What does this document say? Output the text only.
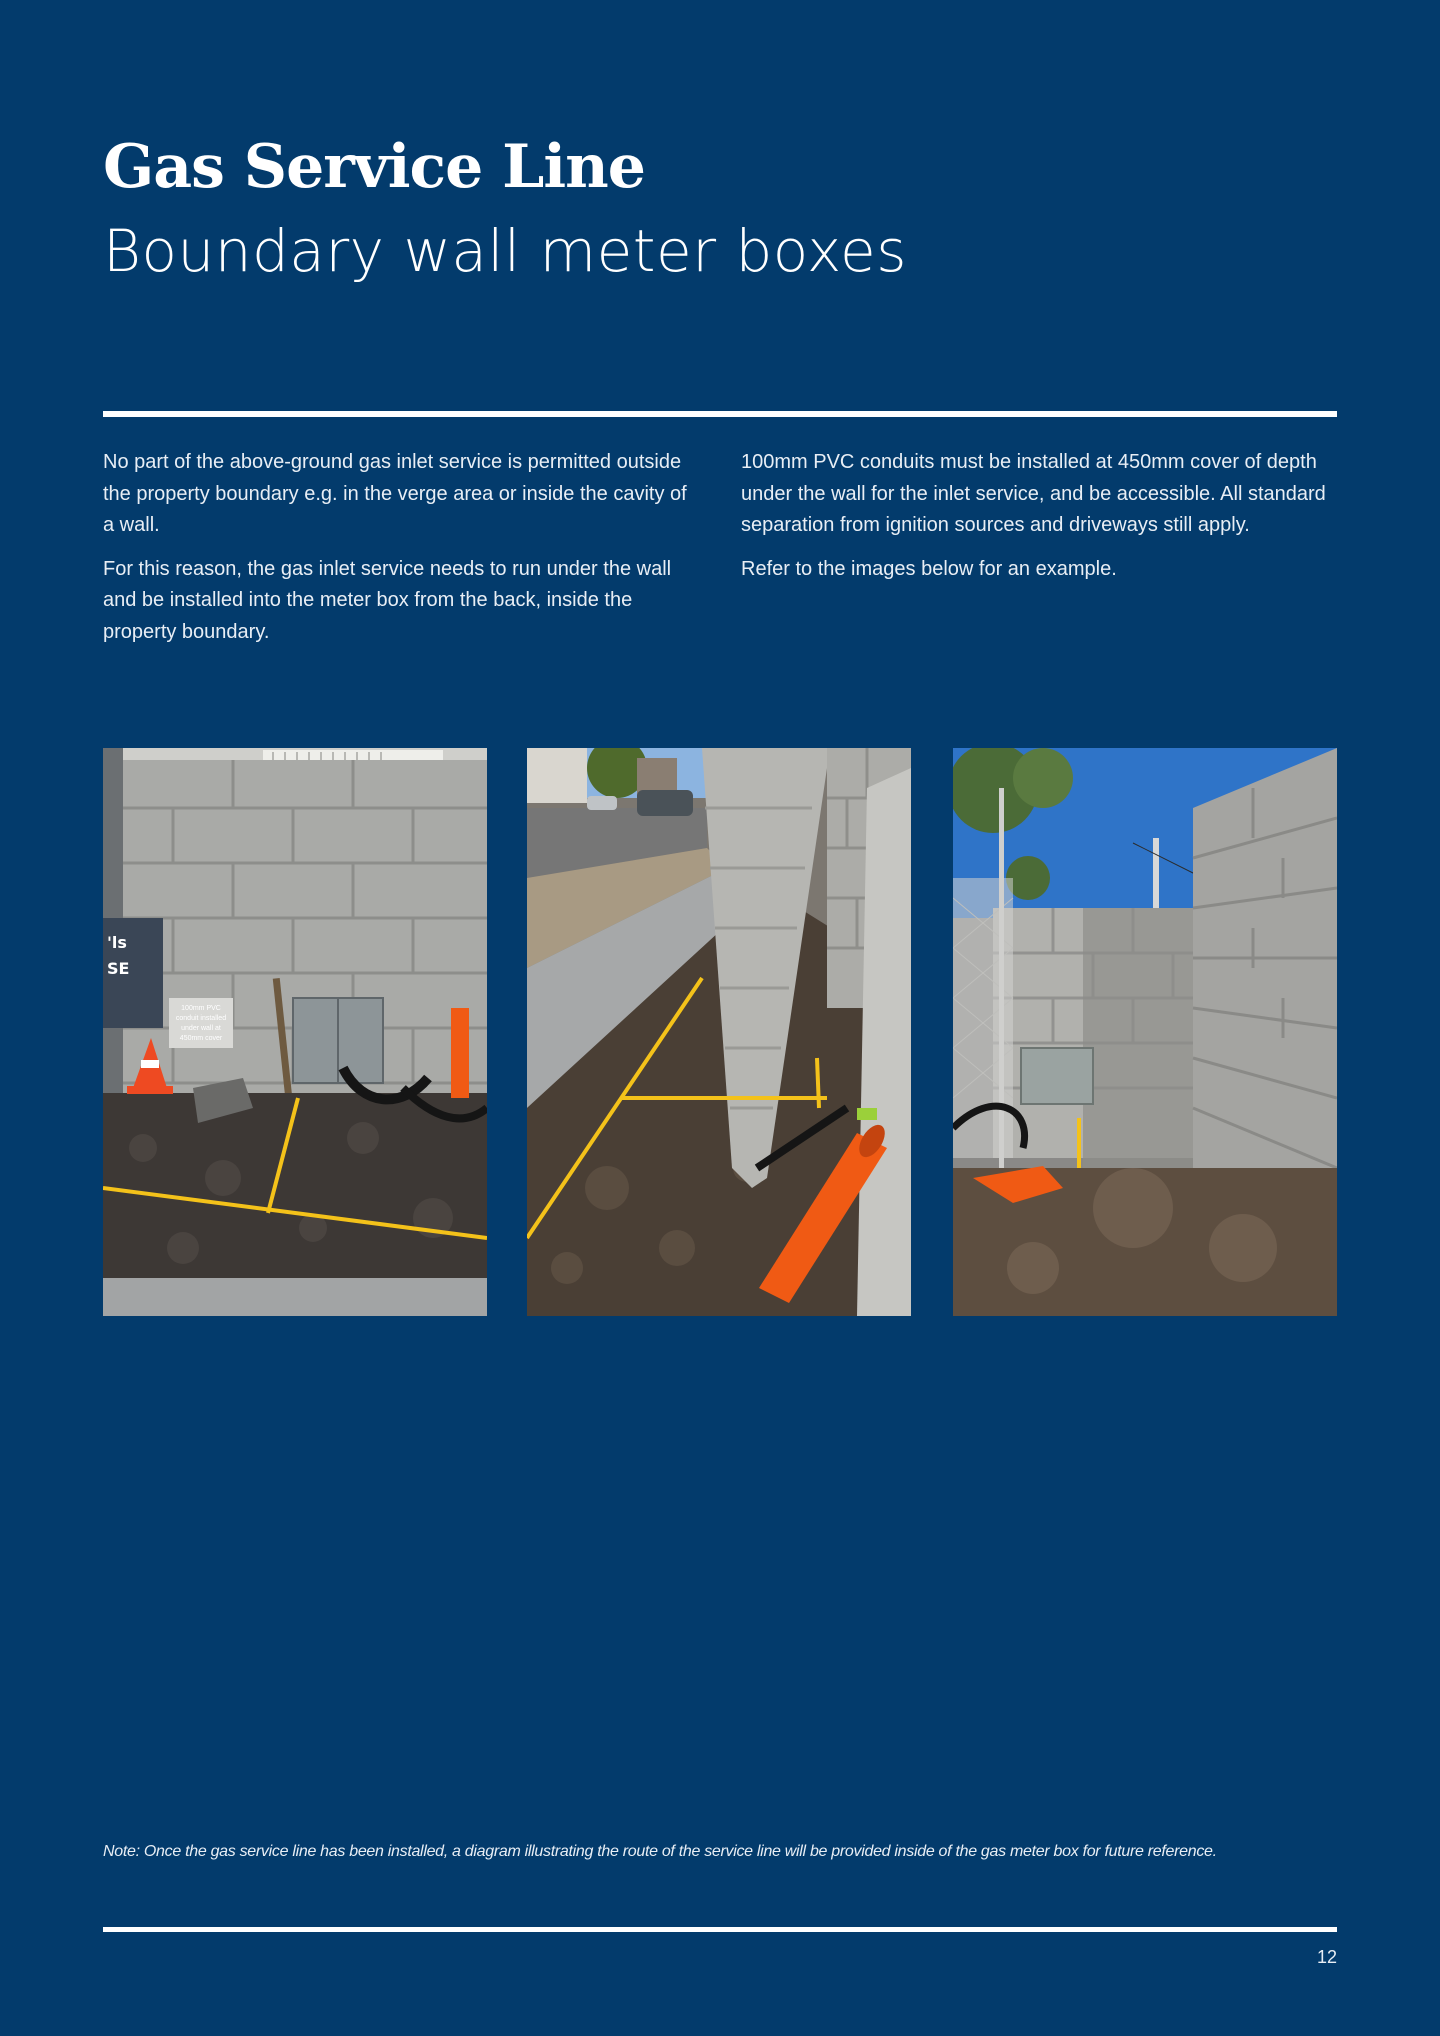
Gas Service Line
Boundary wall meter boxes

No part of the above-ground gas inlet service is permitted outside the property boundary e.g. in the verge area or inside the cavity of a wall.

For this reason, the gas inlet service needs to run under the wall and be installed into the meter box from the back, inside the property boundary.

100mm PVC conduits must be installed at 450mm cover of depth under the wall for the inlet service, and be accessible. All standard separation from ignition sources and driveways still apply.

Refer to the images below for an example.

'ls
SE
100mm PVC
conduit installed
under wall at
450mm cover

Note: Once the gas service line has been installed, a diagram illustrating the route of the service line will be provided inside of the gas meter box for future reference.

12
